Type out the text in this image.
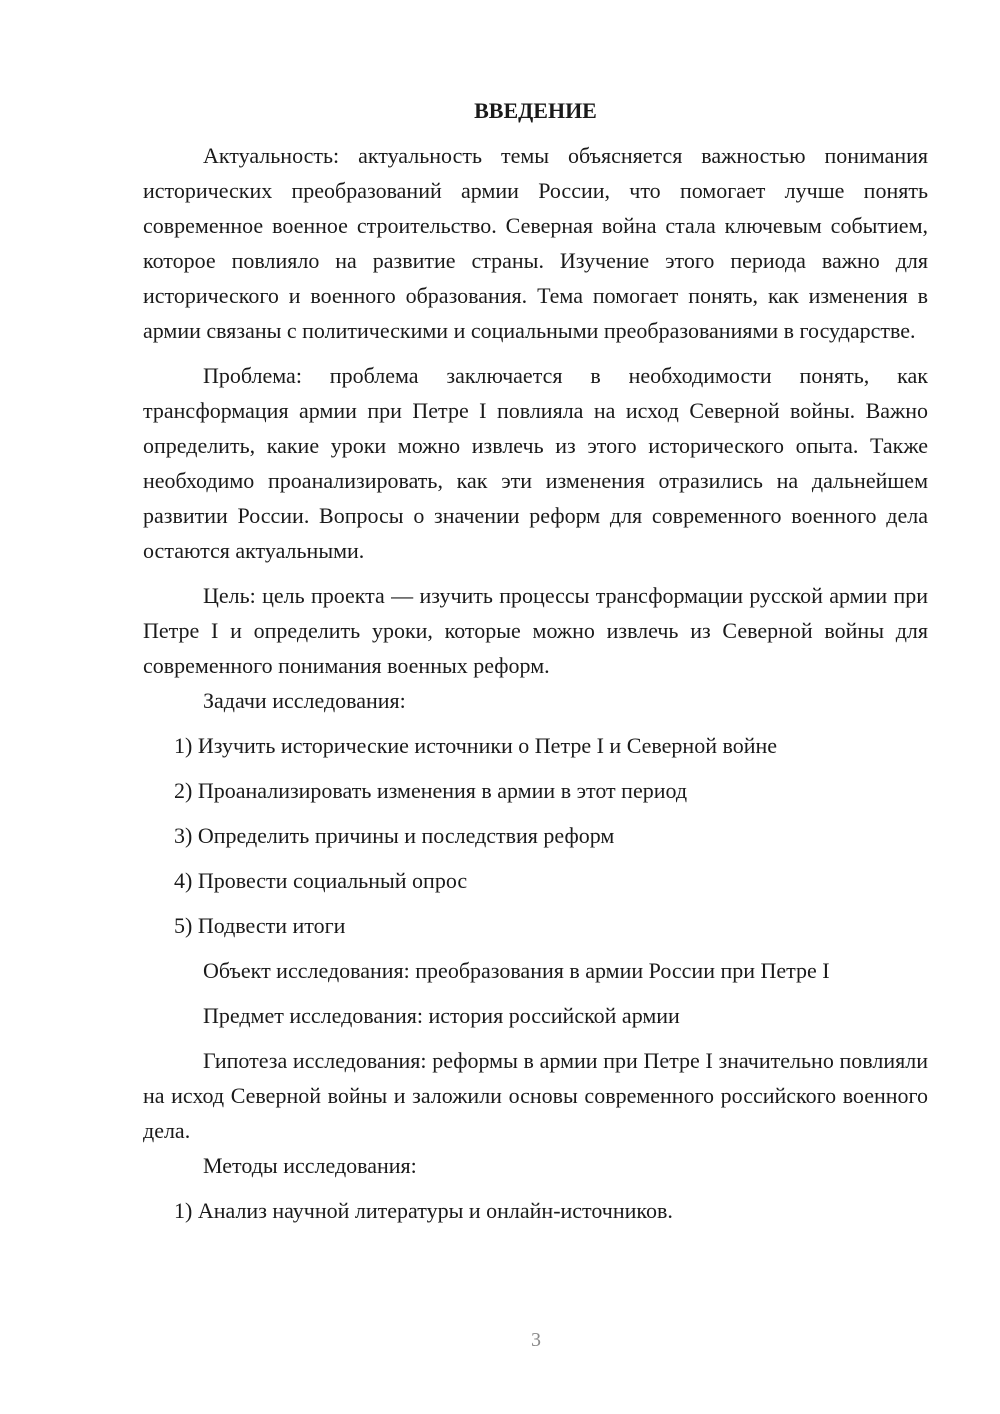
ВВЕДЕНИЕ

Актуальность: актуальность темы объясняется важностью понимания исторических преобразований армии России, что помогает лучше понять современное военное строительство. Северная война стала ключевым событием, которое повлияло на развитие страны. Изучение этого периода важно для исторического и военного образования. Тема помогает понять, как изменения в армии связаны с политическими и социальными преобразованиями в государстве.

Проблема: проблема заключается в необходимости понять, как трансформация армии при Петре I повлияла на исход Северной войны. Важно определить, какие уроки можно извлечь из этого исторического опыта. Также необходимо проанализировать, как эти изменения отразились на дальнейшем развитии России. Вопросы о значении реформ для современного военного дела остаются актуальными.

Цель: цель проекта — изучить процессы трансформации русской армии при Петре I и определить уроки, которые можно извлечь из Северной войны для современного понимания военных реформ.

Задачи исследования:

1) Изучить исторические источники о Петре I и Северной войне

2) Проанализировать изменения в армии в этот период

3) Определить причины и последствия реформ

4) Провести социальный опрос

5) Подвести итоги

Объект исследования: преобразования в армии России при Петре I

Предмет исследования: история российской армии

Гипотеза исследования: реформы в армии при Петре I значительно повлияли на исход Северной войны и заложили основы современного российского военного дела.

Методы исследования:

1) Анализ научной литературы и онлайн-источников.

3
